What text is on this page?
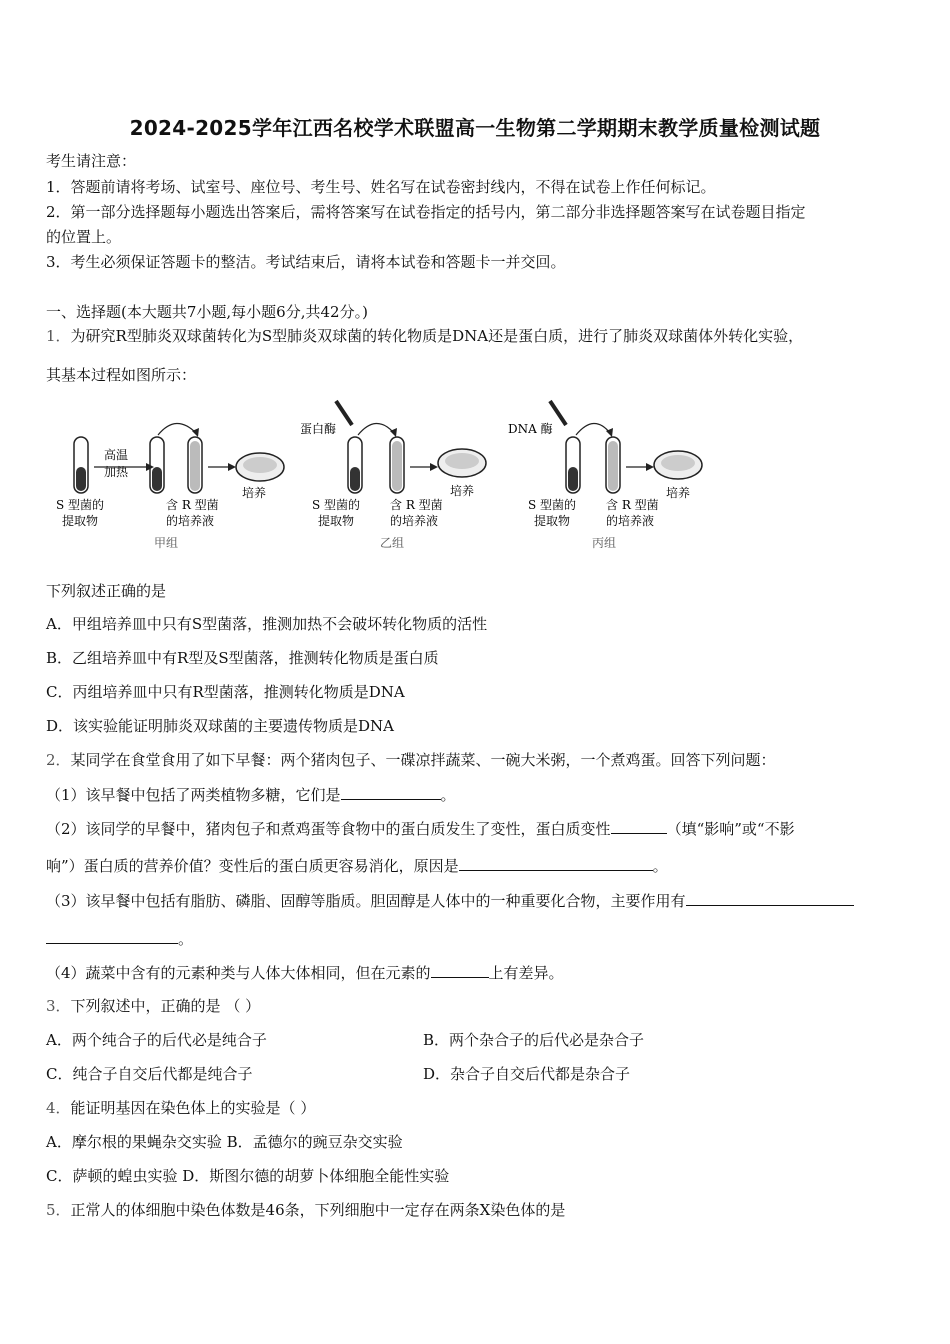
2024-2025学年江西名校学术联盟高一生物第二学期期末教学质量检测试题
考生请注意：
1．答题前请将考场、试室号、座位号、考生号、姓名写在试卷密封线内，不得在试卷上作任何标记。
2．第一部分选择题每小题选出答案后，需将答案写在试卷指定的括号内，第二部分非选择题答案写在试卷题目指定
的位置上。
3．考生必须保证答题卡的整洁。考试结束后，请将本试卷和答题卡一并交回。
一、选择题(本大题共7小题,每小题6分,共42分。)
1．为研究R型肺炎双球菌转化为S型肺炎双球菌的转化物质是DNA还是蛋白质，进行了肺炎双球菌体外转化实验，
其基本过程如图所示：
高温
加热
培养
S 型菌的
提取物
含 R 型菌
的培养液
甲组
蛋白酶
培养
S 型菌的
提取物
含 R 型菌
的培养液
乙组
DNA 酶
培养
S 型菌的
提取物
含 R 型菌
的培养液
丙组
下列叙述正确的是
A．甲组培养皿中只有S型菌落，推测加热不会破坏转化物质的活性
B．乙组培养皿中有R型及S型菌落，推测转化物质是蛋白质
C．丙组培养皿中只有R型菌落，推测转化物质是DNA
D．该实验能证明肺炎双球菌的主要遗传物质是DNA
2．某同学在食堂食用了如下早餐：两个猪肉包子、一碟凉拌蔬菜、一碗大米粥，一个煮鸡蛋。回答下列问题：
（1）该早餐中包括了两类植物多糖，它们是	。
（2）该同学的早餐中，猪肉包子和煮鸡蛋等食物中的蛋白质发生了变性，蛋白质变性	（填“影响”或“不影
响”）蛋白质的营养价值？变性后的蛋白质更容易消化，原因是	。
（3）该早餐中包括有脂肪、磷脂、固醇等脂质。胆固醇是人体中的一种重要化合物，主要作用有
。
（4）蔬菜中含有的元素种类与人体大体相同，但在元素的	上有差异。
3．下列叙述中，正确的是 （ ）
A．两个纯合子的后代必是纯合子	B．两个杂合子的后代必是杂合子
C．纯合子自交后代都是纯合子	D．杂合子自交后代都是杂合子
4．能证明基因在染色体上的实验是（ ）
A．摩尔根的果蝇杂交实验 B．孟德尔的豌豆杂交实验
C．萨顿的蝗虫实验 D．斯图尔德的胡萝卜体细胞全能性实验
5．正常人的体细胞中染色体数是46条，下列细胞中一定存在两条X染色体的是
